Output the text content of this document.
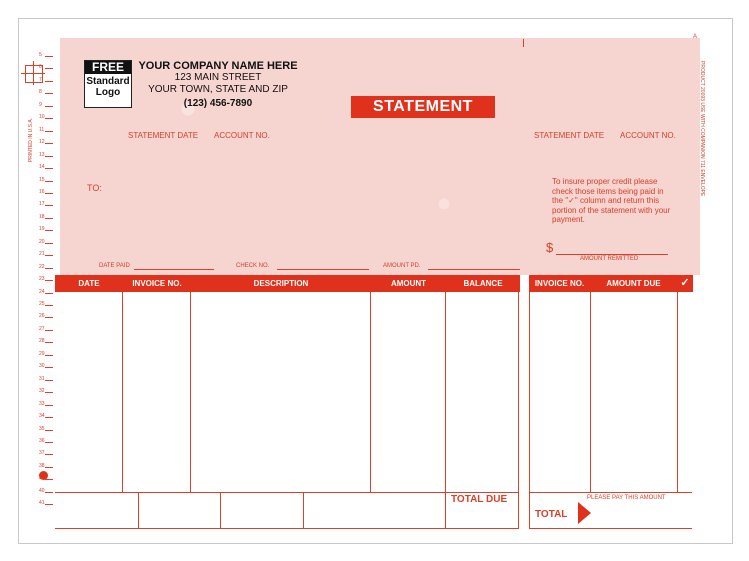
5
6
7
8
9
10
11
12
13
14
15
16
17
18
19
20
21
22
23
24
25
26
27
28
29
30
31
32
33
34
35
36
37
38
40
41
PRINTED IN U.S.A.
A
PRODUCT 20093 USE WITH COMPANION 711 ENVELOPE
FREE
Standard
Logo
YOUR COMPANY NAME HERE
123 MAIN STREET
YOUR TOWN, STATE AND ZIP
(123) 456-7890	STATEMENT
STATEMENT DATE ACCOUNT NO.	STATEMENT DATE ACCOUNT NO.
TO:
To insure proper credit please check those items being paid in the "✓" column and return this portion of the statement with your payment.
$
AMOUNT REMITTED
DATE PAID	CHECK NO.	AMOUNT PD.
DATE	INVOICE NO.	DESCRIPTION	AMOUNT	BALANCE
TOTAL DUE
INVOICE NO.	AMOUNT DUE	✓
PLEASE PAY THIS AMOUNT
TOTAL
